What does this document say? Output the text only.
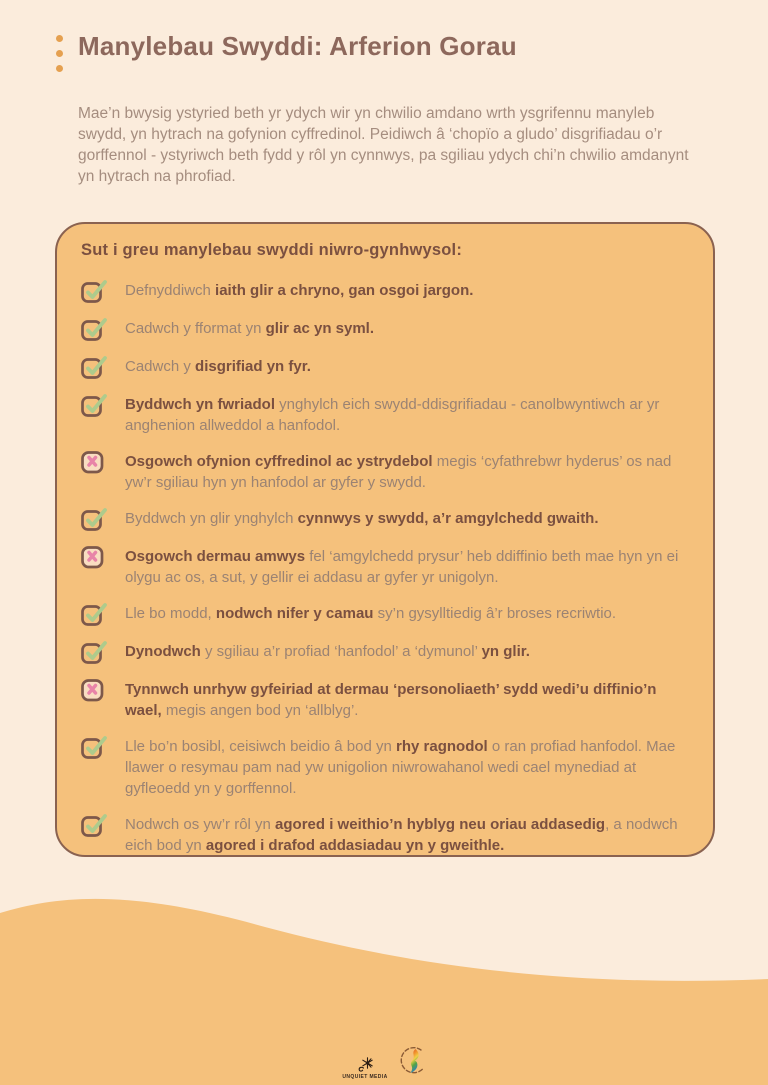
Manylebau Swyddi: Arferion Gorau

Mae’n bwysig ystyried beth yr ydych wir yn chwilio amdano wrth ysgrifennu manyleb swydd, yn hytrach na gofynion cyffredinol. Peidiwch â ‘chopïo a gludo’ disgrifiadau o’r gorffennol - ystyriwch beth fydd y rôl yn cynnwys, pa sgiliau ydych chi’n chwilio amdanynt yn hytrach na phrofiad.

Sut i greu manylebau swyddi niwro-gynhwysol:
Defnyddiwch iaith glir a chryno, gan osgoi jargon.
Cadwch y fformat yn glir ac yn syml.
Cadwch y disgrifiad yn fyr.
Byddwch yn fwriadol ynghylch eich swydd-ddisgrifiadau - canolbwyntiwch ar yr anghenion allweddol a hanfodol.
Osgowch ofynion cyffredinol ac ystrydebol megis ‘cyfathrebwr hyderus’ os nad yw’r sgiliau hyn yn hanfodol ar gyfer y swydd.
Byddwch yn glir ynghylch cynnwys y swydd, a’r amgylchedd gwaith.
Osgowch dermau amwys fel ‘amgylchedd prysur’ heb ddiffinio beth mae hyn yn ei olygu ac os, a sut, y gellir ei addasu ar gyfer yr unigolyn.
Lle bo modd, nodwch nifer y camau sy’n gysylltiedig â’r broses recriwtio.
Dynodwch y sgiliau a’r profiad ‘hanfodol’ a ‘dymunol’ yn glir.
Tynnwch unrhyw gyfeiriad at dermau ‘personoliaeth’ sydd wedi’u diffinio’n wael, megis angen bod yn ‘allblyg’.
Lle bo’n bosibl, ceisiwch beidio â bod yn rhy ragnodol o ran profiad hanfodol. Mae llawer o resymau pam nad yw unigolion niwrowahanol wedi cael mynediad at gyfleoedd yn y gorffennol.
Nodwch os yw’r rôl yn agored i weithio’n hyblyg neu oriau addasedig, a nodwch eich bod yn agored i drafod addasiadau yn y gweithle.
UNQUIET MEDIA
